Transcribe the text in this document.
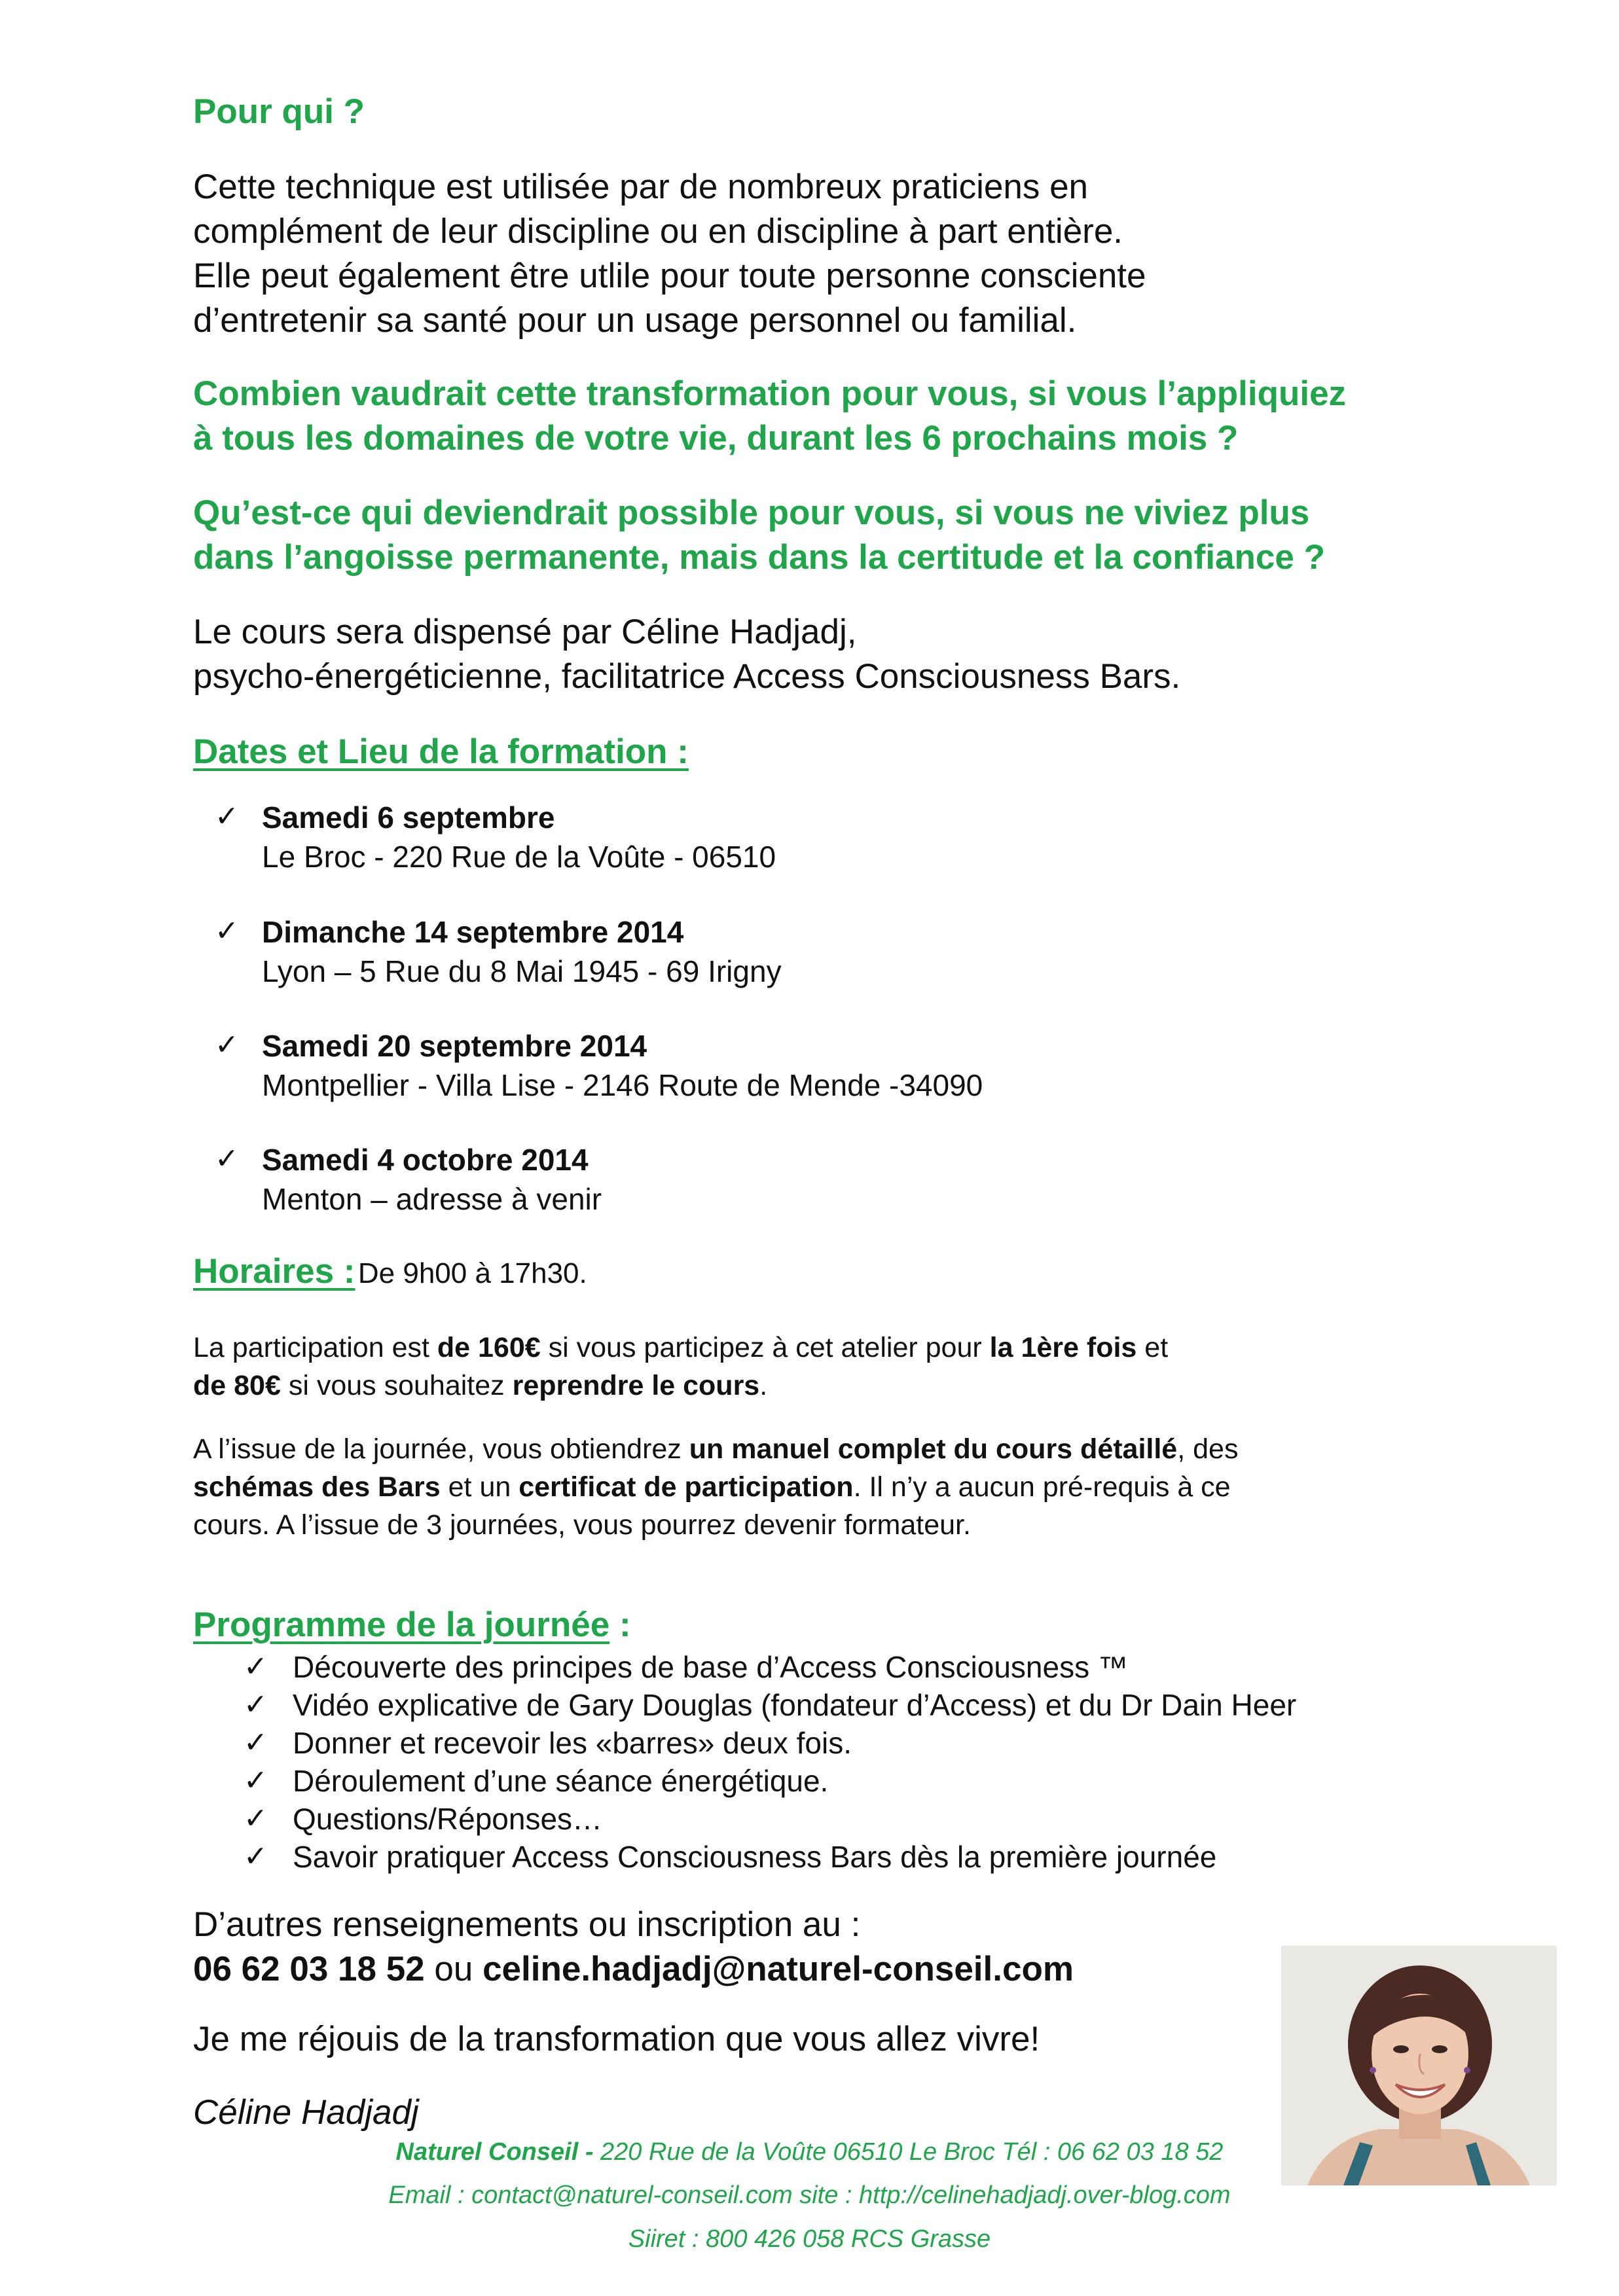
Pour qui ?
Cette technique est utilisée par de nombreux praticiens en
complément de leur discipline ou en discipline à part entière.
Elle peut également être utlile pour toute personne consciente
d’entretenir sa santé pour un usage personnel ou familial.
Combien vaudrait cette transformation pour vous, si vous l’appliquiez
à tous les domaines de votre vie, durant les 6 prochains mois ?
Qu’est-ce qui deviendrait possible pour vous, si vous ne viviez plus
dans l’angoisse permanente, mais dans la certitude et la confiance ?
Le cours sera dispensé par Céline Hadjadj,
psycho-énergéticienne, facilitatrice Access Consciousness Bars.
Dates et Lieu de la formation :
✓ Samedi 6 septembre
Le Broc - 220 Rue de la Voûte - 06510
✓ Dimanche 14 septembre 2014
Lyon – 5 Rue du 8 Mai 1945 - 69 Irigny
✓ Samedi 20 septembre 2014
Montpellier - Villa Lise - 2146 Route de Mende -34090
✓ Samedi 4 octobre 2014
Menton – adresse à venir
Horaires : De 9h00 à 17h30.
La participation est de 160€ si vous participez à cet atelier pour la 1ère fois et
de 80€ si vous souhaitez reprendre le cours.
A l’issue de la journée, vous obtiendrez un manuel complet du cours détaillé, des
schémas des Bars et un certificat de participation. Il n’y a aucun pré-requis à ce
cours. A l’issue de 3 journées, vous pourrez devenir formateur.
Programme de la journée :
✓ Découverte des principes de base d’Access Consciousness ™
✓ Vidéo explicative de Gary Douglas (fondateur d’Access) et du Dr Dain Heer
✓ Donner et recevoir les «barres» deux fois.
✓ Déroulement d’une séance énergétique.
✓ Questions/Réponses…
✓ Savoir pratiquer Access Consciousness Bars dès la première journée
D’autres renseignements ou inscription au :
06 62 03 18 52 ou celine.hadjadj@naturel-conseil.com
Je me réjouis de la transformation que vous allez vivre!
Céline Hadjadj
Naturel Conseil - 220 Rue de la Voûte 06510 Le Broc Tél : 06 62 03 18 52
Email : contact@naturel-conseil.com site : http://celinehadjadj.over-blog.com
Siiret : 800 426 058 RCS Grasse
